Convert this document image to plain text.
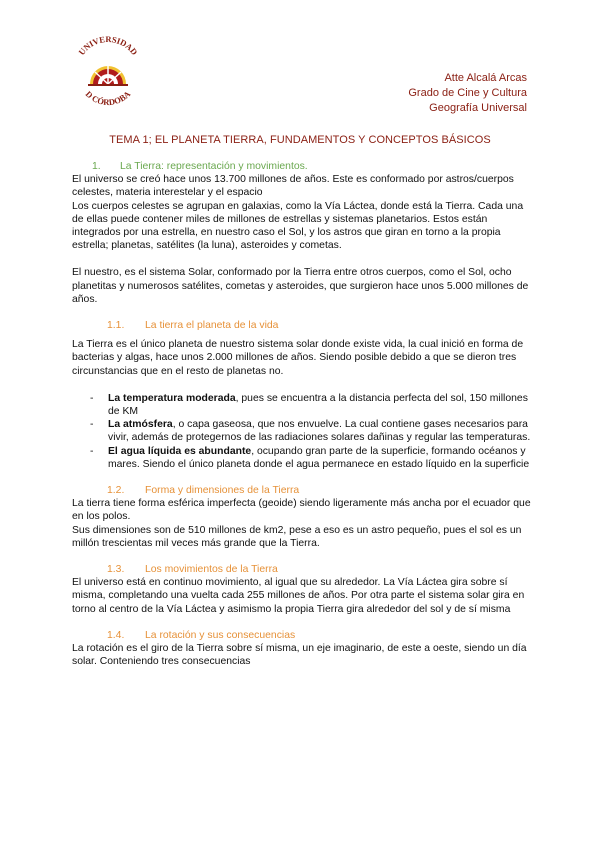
UNIVERSIDAD
D CÓRDOBA
Atte Alcalá Arcas
Grado de Cine y Cultura
Geografía Universal
TEMA 1; EL PLANETA TIERRA, FUNDAMENTOS Y CONCEPTOS BÁSICOS

1. La Tierra: representación y movimientos.

El universo se creó hace unos 13.700 millones de años. Este es conformado por astros/cuerpos celestes, materia interestelar y el espacio

Los cuerpos celestes se agrupan en galaxias, como la Vía Láctea, donde está la Tierra. Cada una de ellas puede contener miles de millones de estrellas y sistemas planetarios. Estos están integrados por una estrella, en nuestro caso el Sol, y los astros que giran en torno a la propia estrella; planetas, satélites (la luna), asteroides y cometas.

El nuestro, es el sistema Solar, conformado por la Tierra entre otros cuerpos, como el Sol, ocho planetitas y numerosos satélites, cometas y asteroides, que surgieron hace unos 5.000 millones de años.

1.1. La tierra el planeta de la vida

La Tierra es el único planeta de nuestro sistema solar donde existe vida, la cual inició en forma de bacterias y algas, hace unos 2.000 millones de años. Siendo posible debido a que se dieron tres circunstancias que en el resto de planetas no.

- La temperatura moderada, pues se encuentra a la distancia perfecta del sol, 150 millones de KM
- La atmósfera, o capa gaseosa, que nos envuelve. La cual contiene gases necesarios para vivir, además de protegernos de las radiaciones solares dañinas y regular las temperaturas.
- El agua líquida es abundante, ocupando gran parte de la superficie, formando océanos y mares. Siendo el único planeta donde el agua permanece en estado líquido en la superficie

1.2. Forma y dimensiones de la Tierra

La tierra tiene forma esférica imperfecta (geoide) siendo ligeramente más ancha por el ecuador que en los polos.

Sus dimensiones son de 510 millones de km2, pese a eso es un astro pequeño, pues el sol es un millón trescientas mil veces más grande que la Tierra.

1.3. Los movimientos de la Tierra

El universo está en continuo movimiento, al igual que su alrededor. La Vía Láctea gira sobre sí misma, completando una vuelta cada 255 millones de años. Por otra parte el sistema solar gira en torno al centro de la Vía Láctea y asimismo la propia Tierra gira alrededor del sol y de sí misma

1.4. La rotación y sus consecuencias

La rotación es el giro de la Tierra sobre sí misma, un eje imaginario, de este a oeste, siendo un día solar. Conteniendo tres consecuencias
